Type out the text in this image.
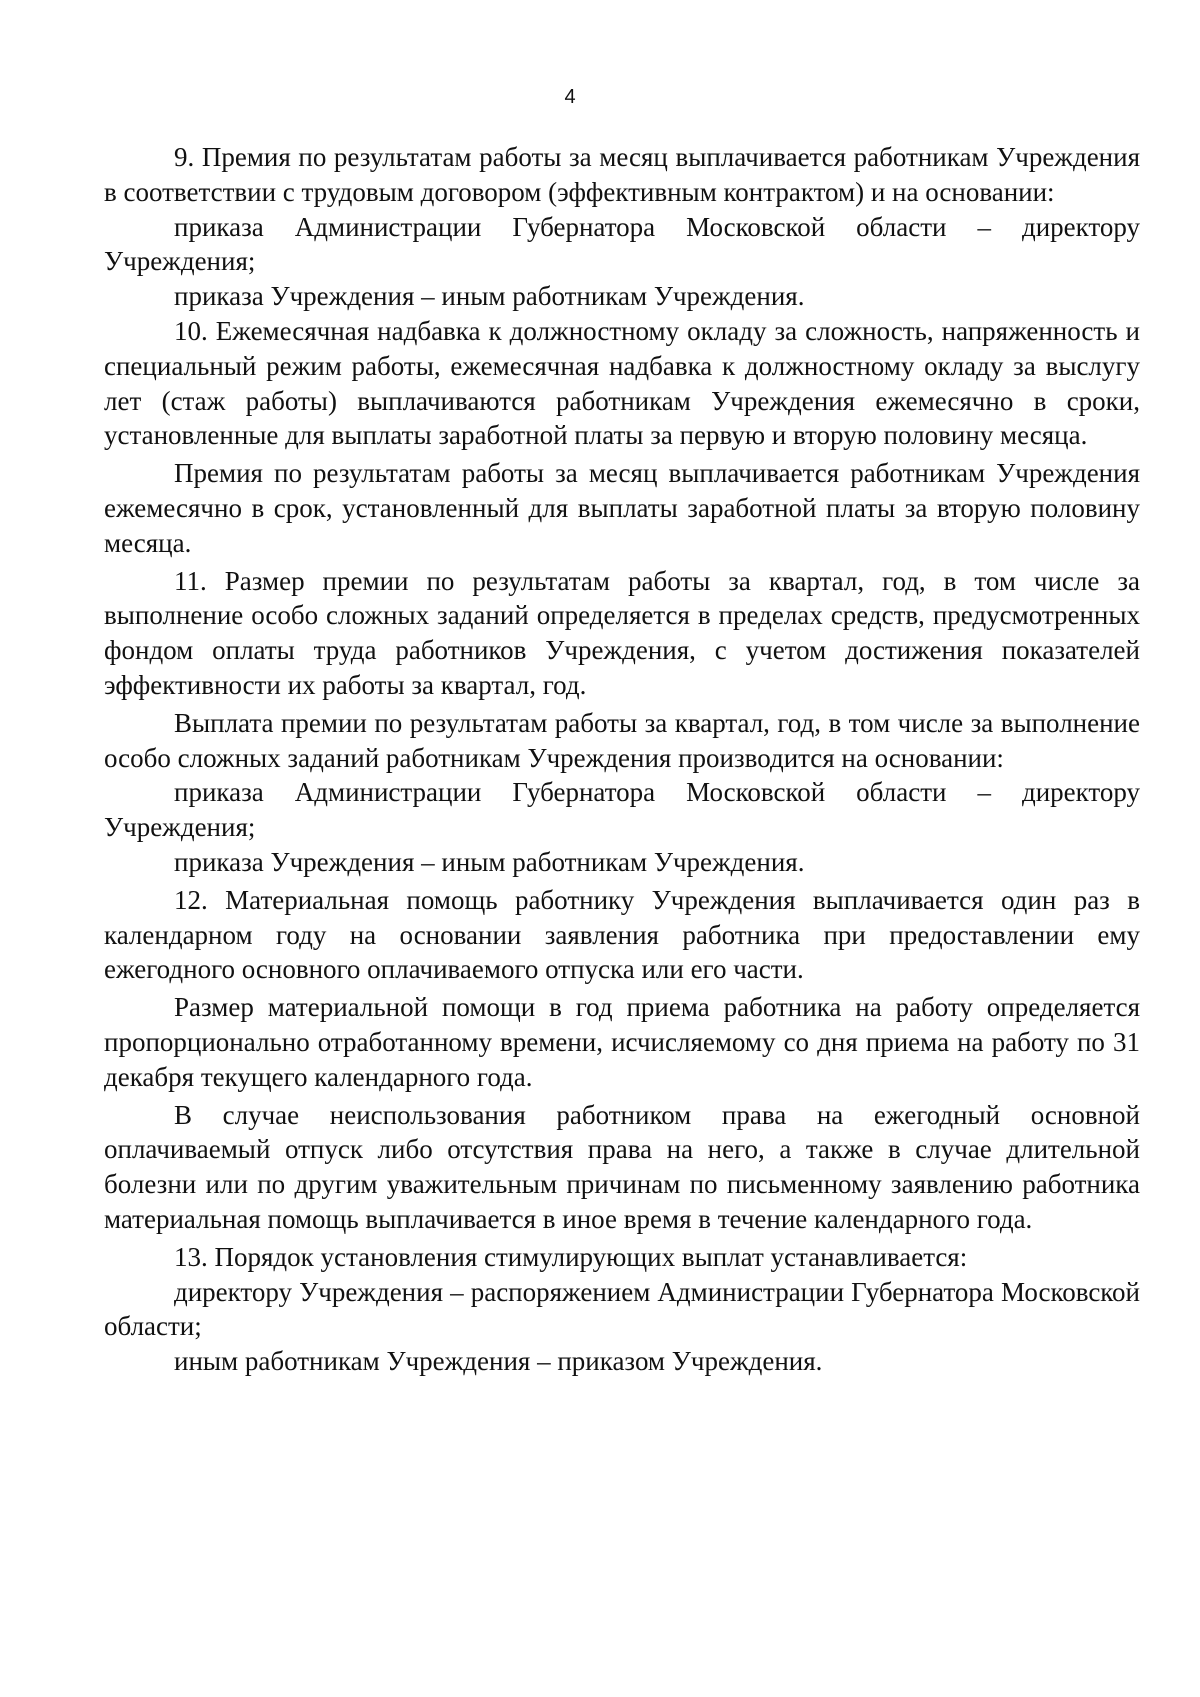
4

9. Премия по результатам работы за месяц выплачивается работникам Учреждения в соответствии с трудовым договором (эффективным контрактом) и на основании:

приказа Администрации Губернатора Московской области – директору Учреждения;

приказа Учреждения – иным работникам Учреждения.

10. Ежемесячная надбавка к должностному окладу за сложность, напряженность и специальный режим работы, ежемесячная надбавка к должностному окладу за выслугу лет (стаж работы) выплачиваются работникам Учреждения ежемесячно в сроки, установленные для выплаты заработной платы за первую и вторую половину месяца.

Премия по результатам работы за месяц выплачивается работникам Учреждения ежемесячно в срок, установленный для выплаты заработной платы за вторую половину месяца.

11. Размер премии по результатам работы за квартал, год, в том числе за выполнение особо сложных заданий определяется в пределах средств, предусмотренных фондом оплаты труда работников Учреждения, с учетом достижения показателей эффективности их работы за квартал, год.

Выплата премии по результатам работы за квартал, год, в том числе за выполнение особо сложных заданий работникам Учреждения производится на основании:

приказа Администрации Губернатора Московской области – директору Учреждения;

приказа Учреждения – иным работникам Учреждения.

12. Материальная помощь работнику Учреждения выплачивается один раз в календарном году на основании заявления работника при предоставлении ему ежегодного основного оплачиваемого отпуска или его части.

Размер материальной помощи в год приема работника на работу определяется пропорционально отработанному времени, исчисляемому со дня приема на работу по 31 декабря текущего календарного года.

В случае неиспользования работником права на ежегодный основной оплачиваемый отпуск либо отсутствия права на него, а также в случае длительной болезни или по другим уважительным причинам по письменному заявлению работника материальная помощь выплачивается в иное время в течение календарного года.

13. Порядок установления стимулирующих выплат устанавливается:

директору Учреждения – распоряжением Администрации Губернатора Московской области;

иным работникам Учреждения – приказом Учреждения.
